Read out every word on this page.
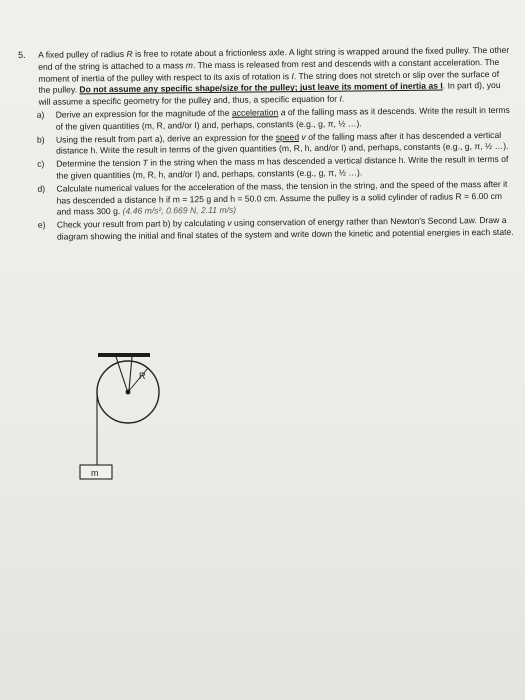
5. A fixed pulley of radius R is free to rotate about a frictionless axle. A light string is wrapped around the fixed pulley. The other end of the string is attached to a mass m. The mass is released from rest and descends with a constant acceleration. The moment of inertia of the pulley with respect to its axis of rotation is I. The string does not stretch or slip over the surface of the pulley. Do not assume any specific shape/size for the pulley; just leave its moment of inertia as I. In part d), you will assume a specific geometry for the pulley and, thus, a specific equation for I.
a) Derive an expression for the magnitude of the acceleration a of the falling mass as it descends. Write the result in terms of the given quantities (m, R, and/or I) and, perhaps, constants (e.g., g, π, ½ …).
b) Using the result from part a), derive an expression for the speed v of the falling mass after it has descended a vertical distance h. Write the result in terms of the given quantities (m, R, h, and/or I) and, perhaps, constants (e.g., g, π, ½ …).
c) Determine the tension T in the string when the mass m has descended a vertical distance h. Write the result in terms of the given quantities (m, R, h, and/or I) and, perhaps, constants (e.g., g, π, ½ …).
d) Calculate numerical values for the acceleration of the mass, the tension in the string, and the speed of the mass after it has descended a distance h if m = 125 g and h = 50.0 cm. Assume the pulley is a solid cylinder of radius R = 6.00 cm and mass 300 g. (4.46 m/s², 0.669 N, 2.11 m/s)
e) Check your result from part b) by calculating v using conservation of energy rather than Newton's Second Law. Draw a diagram showing the initial and final states of the system and write down the kinetic and potential energies in each state.
R
m
